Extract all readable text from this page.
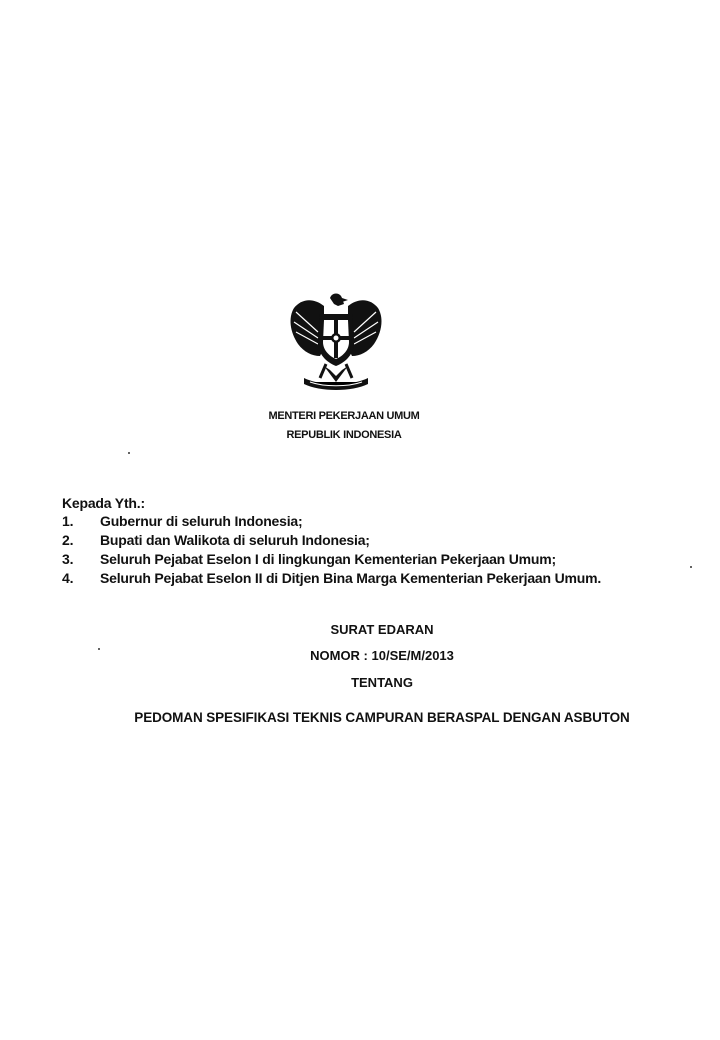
MENTERI PEKERJAAN UMUM
REPUBLIK INDONESIA
Kepada Yth.:
1. Gubernur di seluruh Indonesia;
2. Bupati dan Walikota di seluruh Indonesia;
3. Seluruh Pejabat Eselon I di lingkungan Kementerian Pekerjaan Umum;
4. Seluruh Pejabat Eselon II di Ditjen Bina Marga Kementerian Pekerjaan Umum.
SURAT EDARAN
NOMOR : 10/SE/M/2013
TENTANG
PEDOMAN SPESIFIKASI TEKNIS CAMPURAN BERASPAL DENGAN ASBUTON
